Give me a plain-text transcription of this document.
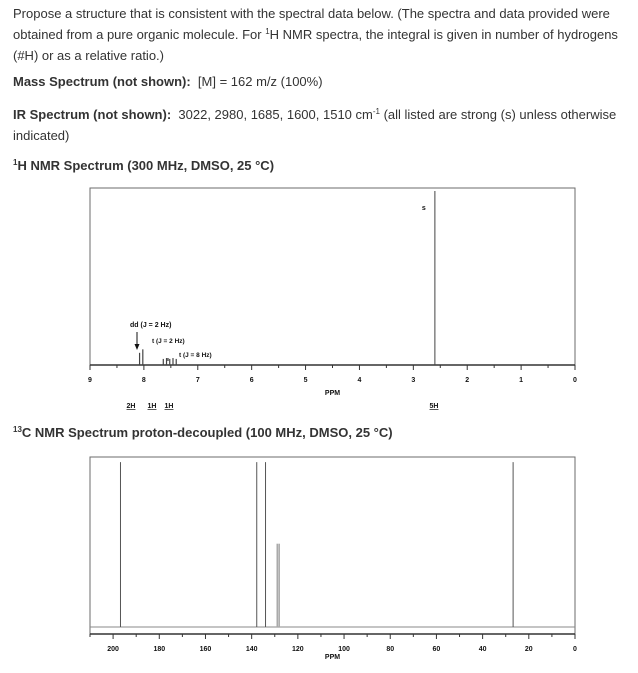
Propose a structure that is consistent with the spectral data below. (The spectra and data provided were obtained from a pure organic molecule. For $^1$H NMR spectra, the integral is given in number of hydrogens (#H) or as a relative ratio.)

Mass Spectrum (not shown): [M] = 162 m/z (100%)

IR Spectrum (not shown): 3022, 2980, 1685, 1600, 1510 $cm^{-1}$ (all listed are strong (s) unless otherwise indicated)

$^1$H NMR Spectrum (300 MHz, DMSO, 25 °C)

9	8	7	6	5	4	3	2	1	0
PPM
dd (J = 2 Hz)
t (J = 2 Hz)
t (J = 8 Hz)
s
2H 1H 1H	5H
$^{13}$C NMR Spectrum proton-decoupled (100 MHz, DMSO, 25 °C)
200	180	160	140	120	100	80	60	40	20	0
PPM
